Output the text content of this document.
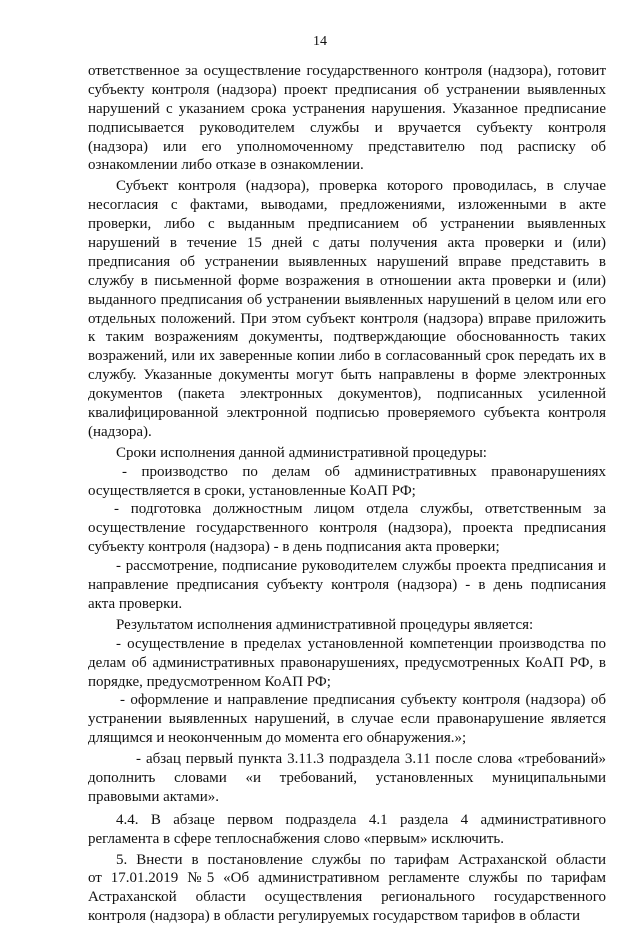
14
ответственное за осуществление государственного контроля (надзора), готовит
субъекту контроля (надзора) проект предписания об устранении выявленных
нарушений с указанием срока устранения нарушения. Указанное предписание
подписывается руководителем службы и вручается субъекту контроля
(надзора) или его уполномоченному представителю под расписку об
ознакомлении либо отказе в ознакомлении.
Субъект контроля (надзора), проверка которого проводилась, в случае
несогласия с фактами, выводами, предложениями, изложенными в акте
проверки, либо с выданным предписанием об устранении выявленных
нарушений в течение 15 дней с даты получения акта проверки и (или)
предписания об устранении выявленных нарушений вправе представить в
службу в письменной форме возражения в отношении акта проверки и (или)
выданного предписания об устранении выявленных нарушений в целом или его
отдельных положений. При этом субъект контроля (надзора) вправе приложить
к таким возражениям документы, подтверждающие обоснованность таких
возражений, или их заверенные копии либо в согласованный срок передать их в
службу. Указанные документы могут быть направлены в форме электронных
документов (пакета электронных документов), подписанных усиленной
квалифицированной электронной подписью проверяемого субъекта контроля
(надзора).
Сроки исполнения данной административной процедуры:
- производство по делам об административных правонарушениях
осуществляется в сроки, установленные КоАП РФ;
- подготовка должностным лицом отдела службы, ответственным за
осуществление государственного контроля (надзора), проекта предписания
субъекту контроля (надзора) - в день подписания акта проверки;
- рассмотрение, подписание руководителем службы проекта предписания и
направление предписания субъекту контроля (надзора) - в день подписания
акта проверки.
Результатом исполнения административной процедуры является:
- осуществление в пределах установленной компетенции производства по
делам об административных правонарушениях, предусмотренных КоАП РФ, в
порядке, предусмотренном КоАП РФ;
- оформление и направление предписания субъекту контроля (надзора) об
устранении выявленных нарушений, в случае если правонарушение является
длящимся и неоконченным до момента его обнаружения.»;
- абзац первый пункта 3.11.3 подраздела 3.11 после слова «требований»
дополнить словами «и требований, установленных муниципальными
правовыми актами».
4.4. В абзаце первом подраздела 4.1 раздела 4 административного
регламента в сфере теплоснабжения слово «первым» исключить.
5. Внести в постановление службы по тарифам Астраханской области
от 17.01.2019 №5 «Об административном регламенте службы по тарифам
Астраханской области осуществления регионального государственного
контроля (надзора) в области регулируемых государством тарифов в области
